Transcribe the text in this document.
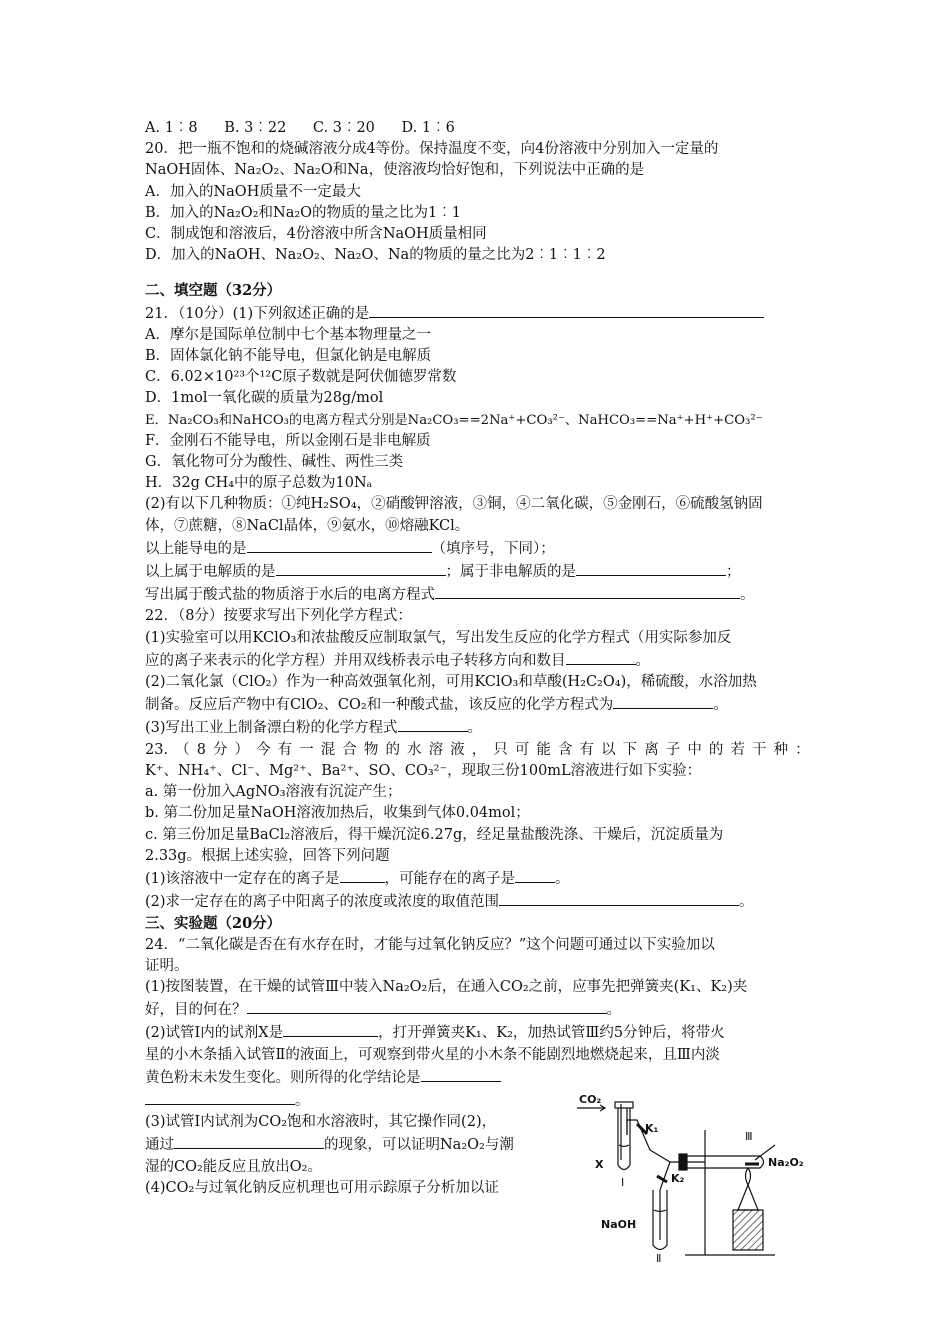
A. 1︰8 B. 3︰22 C. 3︰20 D. 1︰6
20．把一瓶不饱和的烧碱溶液分成4等份。保持温度不变，向4份溶液中分别加入一定量的
NaOH固体、Na₂O₂、Na₂O和Na，使溶液均恰好饱和，下列说法中正确的是
A．加入的NaOH质量不一定最大
B．加入的Na₂O₂和Na₂O的物质的量之比为1︰1
C．制成饱和溶液后，4份溶液中所含NaOH质量相同
D．加入的NaOH、Na₂O₂、Na₂O、Na的物质的量之比为2︰1︰1︰2
二、填空题（32分）
21．（10分）(1)下列叙述正确的是
A．摩尔是国际单位制中七个基本物理量之一
B．固体氯化钠不能导电，但氯化钠是电解质
C．6.02×10²³个¹²C原子数就是阿伏伽德罗常数
D．1mol一氧化碳的质量为28g/mol
E．Na₂CO₃和NaHCO₃的电离方程式分别是Na₂CO₃==2Na⁺+CO₃²⁻、NaHCO₃==Na⁺+H⁺+CO₃²⁻
F．金刚石不能导电，所以金刚石是非电解质
G．氧化物可分为酸性、碱性、两性三类
H．32g CH₄中的原子总数为10Nₐ
(2)有以下几种物质：①纯H₂SO₄，②硝酸钾溶液，③铜，④二氧化碳，⑤金刚石，⑥硫酸氢钠固
体，⑦蔗糖，⑧NaCl晶体，⑨氨水，⑩熔融KCl。
以上能导电的是	（填序号，下同）；
以上属于电解质的是	；属于非电解质的是	；
写出属于酸式盐的物质溶于水后的电离方程式	。
22．（8分）按要求写出下列化学方程式：
(1)实验室可以用KClO₃和浓盐酸反应制取氯气，写出发生反应的化学方程式（用实际参加反
应的离子来表示的化学方程）并用双线桥表示电子转移方向和数目	。
(2)二氧化氯（ClO₂）作为一种高效强氧化剂，可用KClO₃和草酸(H₂C₂O₄)，稀硫酸，水浴加热
制备。反应后产物中有ClO₂、CO₂和一种酸式盐，该反应的化学方程式为	。
(3)写出工业上制备漂白粉的化学方程式	。
23. （ 8 分 ） 今 有 一 混 合 物 的 水 溶 液 ， 只 可 能 含 有 以 下 离 子 中 的 若 干 种 ：
K⁺、NH₄⁺、Cl⁻、Mg²⁺、Ba²⁺、SO、CO₃²⁻，现取三份100mL溶液进行如下实验：
a. 第一份加入AgNO₃溶液有沉淀产生；
b. 第二份加足量NaOH溶液加热后，收集到气体0.04mol；
c. 第三份加足量BaCl₂溶液后，得干燥沉淀6.27g，经足量盐酸洗涤、干燥后，沉淀质量为
2.33g。根据上述实验，回答下列问题
(1)该溶液中一定存在的离子是	，可能存在的离子是	。
(2)求一定存在的离子中阳离子的浓度或浓度的取值范围	。
三、实验题（20分）
24．“二氧化碳是否在有水存在时，才能与过氧化钠反应？”这个问题可通过以下实验加以
证明。
(1)按图装置，在干燥的试管Ⅲ中装入Na₂O₂后，在通入CO₂之前，应事先把弹簧夹(K₁、K₂)夹
好，目的何在？	。
(2)试管Ⅰ内的试剂X是	，打开弹簧夹K₁、K₂，加热试管Ⅲ约5分钟后，将带火
星的小木条插入试管Ⅱ的液面上，可观察到带火星的小木条不能剧烈地燃烧起来，且Ⅲ内淡
黄色粉末未发生变化。则所得的化学结论是
。
(3)试管Ⅰ内试剂为CO₂饱和水溶液时，其它操作同(2)，
通过	的现象，可以证明Na₂O₂与潮
湿的CO₂能反应且放出O₂。
(4)CO₂与过氧化钠反应机理也可用示踪原子分析加以证
CO₂
K₁
K₂
X
Ⅰ
Ⅱ
Ⅲ
Na₂O₂
NaOH
